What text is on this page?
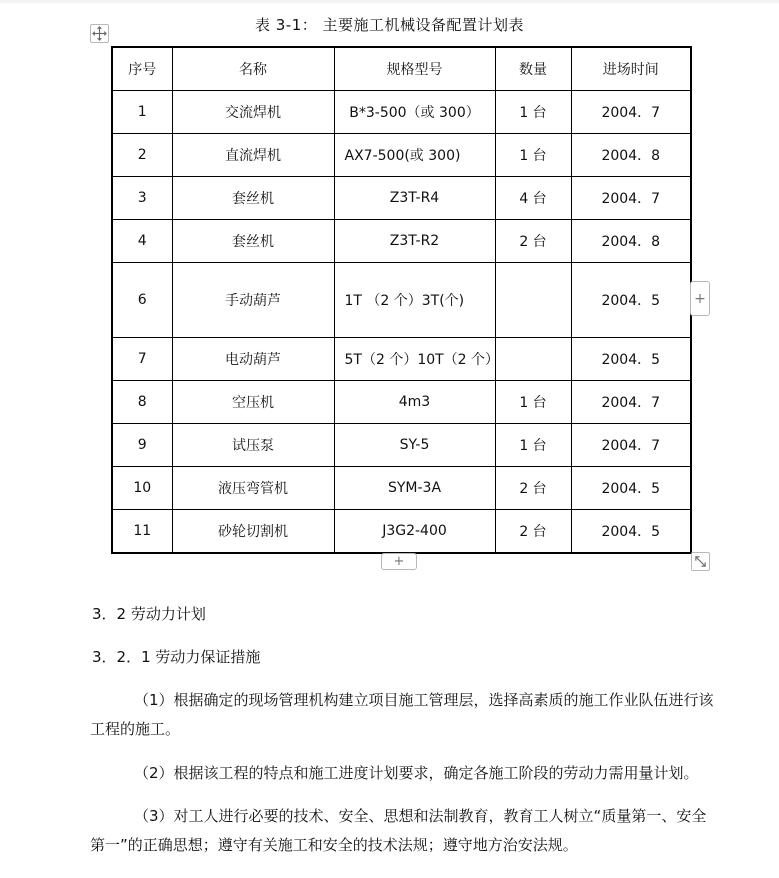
表 3-1： 主要施工机械设备配置计划表
序号	名称	规格型号	数量	进场时间
1	交流焊机	B*3-500（或 300）	1 台	2004．7
2	直流焊机	AX7-500(或 300)	1 台	2004．8
3	套丝机	Z3T-R4	4 台	2004．7
4	套丝机	Z3T-R2	2 台	2004．8
6	手动葫芦	1T （2 个）3T(个)		2004．5
7	电动葫芦	5T（2 个）10T（2 个）		2004．5
8	空压机	4m3	1 台	2004．7
9	试压泵	SY-5	1 台	2004．7
10	液压弯管机	SYM-3A	2 台	2004．5
11	砂轮切割机	J3G2-400	2 台	2004．5
+
+
3．2 劳动力计划
3．2．1 劳动力保证措施
（1）根据确定的现场管理机构建立项目施工管理层，选择高素质的施工作业队伍进行该工程的施工。
（2）根据该工程的特点和施工进度计划要求，确定各施工阶段的劳动力需用量计划。
（3）对工人进行必要的技术、安全、思想和法制教育，教育工人树立“质量第一、安全第一”的正确思想；遵守有关施工和安全的技术法规；遵守地方治安法规。
